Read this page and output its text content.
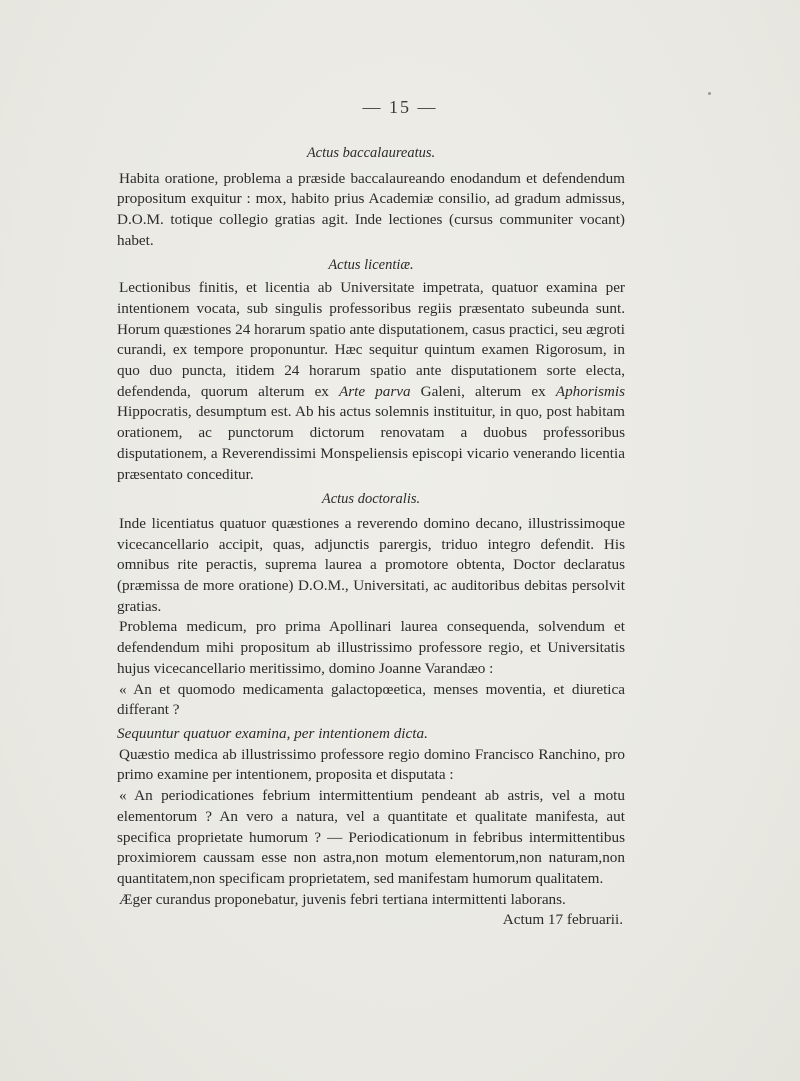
— 15 —
Actus baccalaureatus.

Habita oratione, problema a præside baccalaureando enodandum et defendendum propositum exquitur : mox, habito prius Academiæ consilio, ad gradum admissus, D.O.M. totique collegio gratias agit. Inde lectiones (cursus communiter vocant) habet.

Actus licentiæ.

Lectionibus finitis, et licentia ab Universitate impetrata, quatuor examina per intentionem vocata, sub singulis professoribus regiis præsentato subeunda sunt. Horum quæstiones 24 horarum spatio ante disputationem, casus practici, seu ægroti curandi, ex tempore proponuntur. Hæc sequitur quintum examen Rigorosum, in quo duo puncta, itidem 24 horarum spatio ante disputationem sorte electa, defendenda, quorum alterum ex Arte parva Galeni, alterum ex Aphorismis Hippocratis, desumptum est. Ab his actus solemnis instituitur, in quo, post habitam orationem, ac punctorum dictorum renovatam a duobus professoribus disputationem, a Reverendissimi Monspeliensis episcopi vicario venerando licentia præsentato conceditur.

Actus doctoralis.

Inde licentiatus quatuor quæstiones a reverendo domino decano, illustrissimoque vicecancellario accipit, quas, adjunctis parergis, triduo integro defendit. His omnibus rite peractis, suprema laurea a promotore obtenta, Doctor declaratus (præmissa de more oratione) D.O.M., Universitati, ac auditoribus debitas persolvit gratias.

Problema medicum, pro prima Apollinari laurea consequenda, solvendum et defendendum mihi propositum ab illustrissimo professore regio, et Universitatis hujus vicecancellario meritissimo, domino Joanne Varandæo :

« An et quomodo medicamenta galactopœetica, menses moventia, et diuretica differant ?

Sequuntur quatuor examina, per intentionem dicta.

Quæstio medica ab illustrissimo professore regio domino Francisco Ranchino, pro primo examine per intentionem, proposita et disputata :

« An periodicationes febrium intermittentium pendeant ab astris, vel a motu elementorum ? An vero a natura, vel a quantitate et qualitate manifesta, aut specifica proprietate humorum ? — Periodicationum in febribus intermittentibus proximiorem caussam esse non astra,non motum elementorum,non naturam,non quantitatem,non specificam proprietatem, sed manifestam humorum qualitatem.

Æger curandus proponebatur, juvenis febri tertiana intermittenti laborans.

Actum 17 februarii.
